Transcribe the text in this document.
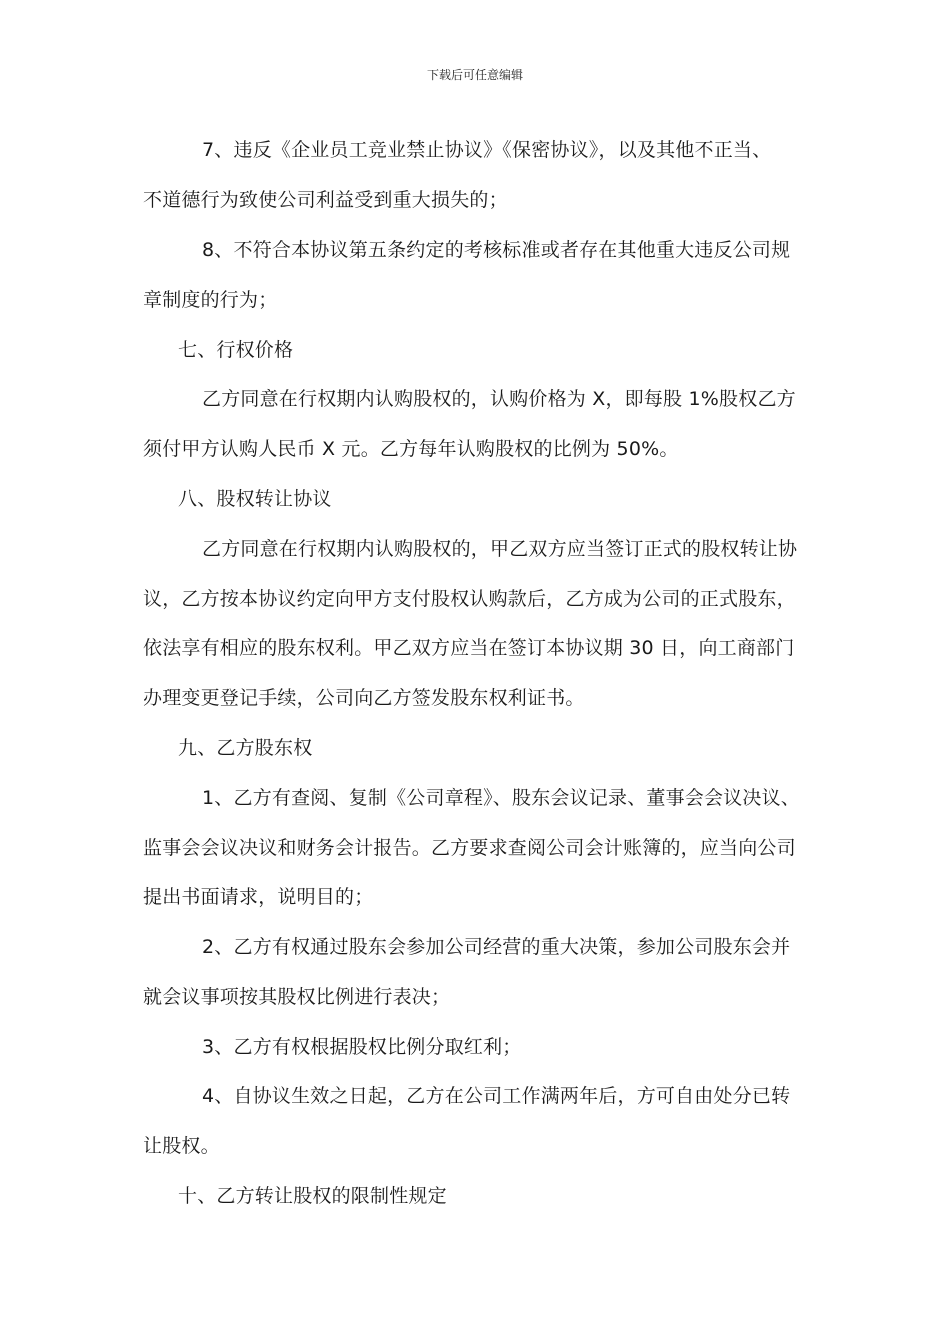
下载后可任意编辑
7、违反《企业员工竞业禁止协议》《保密协议》，以及其他不正当、
不道德行为致使公司利益受到重大损失的；
8、不符合本协议第五条约定的考核标准或者存在其他重大违反公司规
章制度的行为；
七、行权价格
乙方同意在行权期内认购股权的，认购价格为 X，即每股 1%股权乙方
须付甲方认购人民币 X 元。乙方每年认购股权的比例为 50%。
八、股权转让协议
乙方同意在行权期内认购股权的，甲乙双方应当签订正式的股权转让协
议，乙方按本协议约定向甲方支付股权认购款后，乙方成为公司的正式股东，
依法享有相应的股东权利。甲乙双方应当在签订本协议期 30 日，向工商部门
办理变更登记手续，公司向乙方签发股东权利证书。
九、乙方股东权
1、乙方有查阅、复制《公司章程》、股东会议记录、董事会会议决议、
监事会会议决议和财务会计报告。乙方要求查阅公司会计账簿的，应当向公司
提出书面请求，说明目的；
2、乙方有权通过股东会参加公司经营的重大决策，参加公司股东会并
就会议事项按其股权比例进行表决；
3、乙方有权根据股权比例分取红利；
4、自协议生效之日起，乙方在公司工作满两年后，方可自由处分已转
让股权。
十、乙方转让股权的限制性规定
